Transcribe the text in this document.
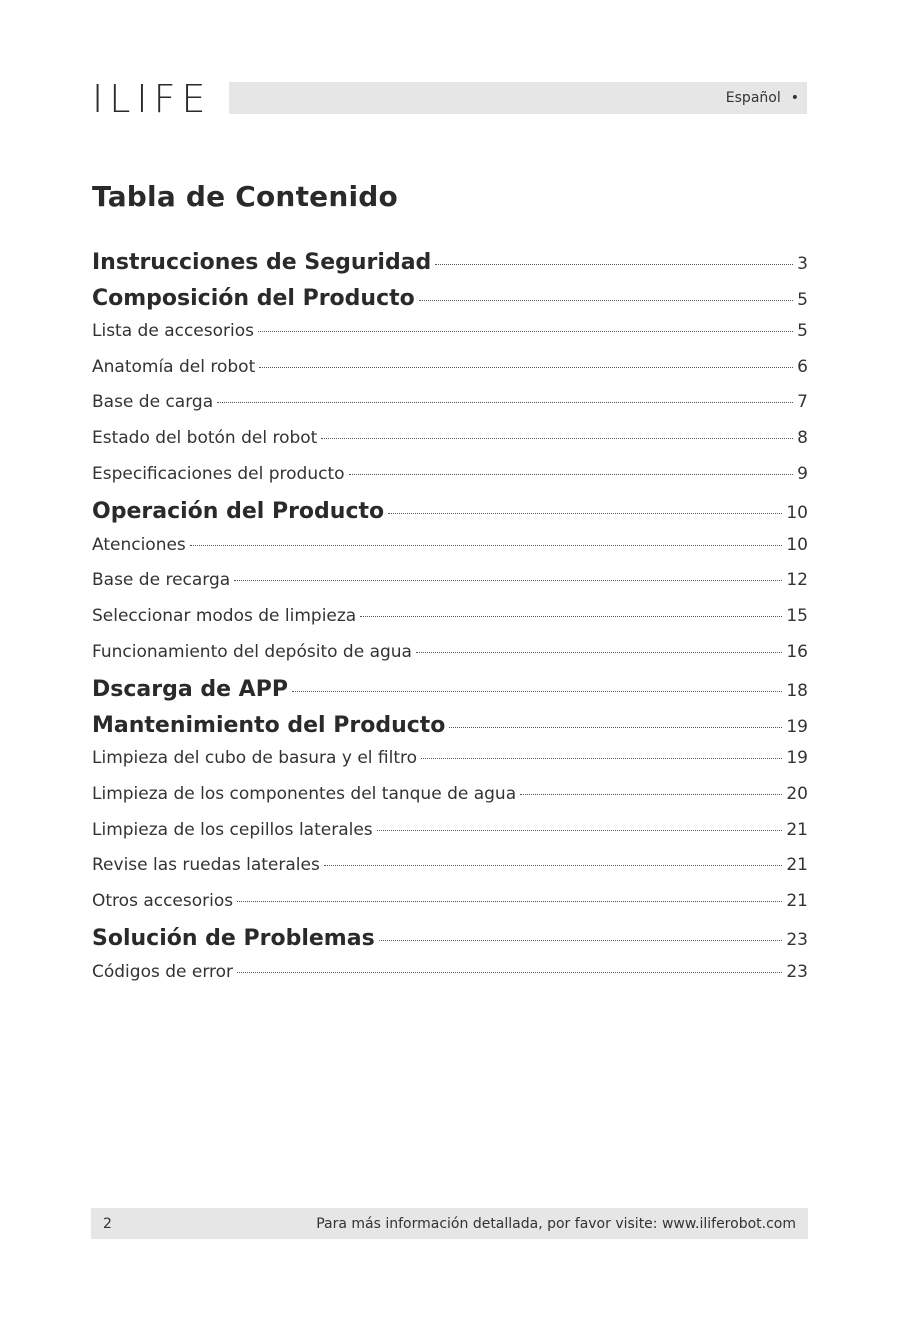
ILIFE	Español •
Tabla de Contenido
Instrucciones de Seguridad	3
Composición del Producto	5
Lista de accesorios	5
Anatomía del robot	6
Base de carga	7
Estado del botón del robot	8
Especificaciones del producto	9
Operación del Producto	10
Atenciones	10
Base de recarga	12
Seleccionar modos de limpieza	15
Funcionamiento del depósito de agua	16
Dscarga de APP	18
Mantenimiento del Producto	19
Limpieza del cubo de basura y el filtro	19
Limpieza de los componentes del tanque de agua	20
Limpieza de los cepillos laterales	21
Revise las ruedas laterales	21
Otros accesorios	21
Solución de Problemas	23
Códigos de error	23
2	Para más información detallada, por favor visite: www.iliferobot.com
